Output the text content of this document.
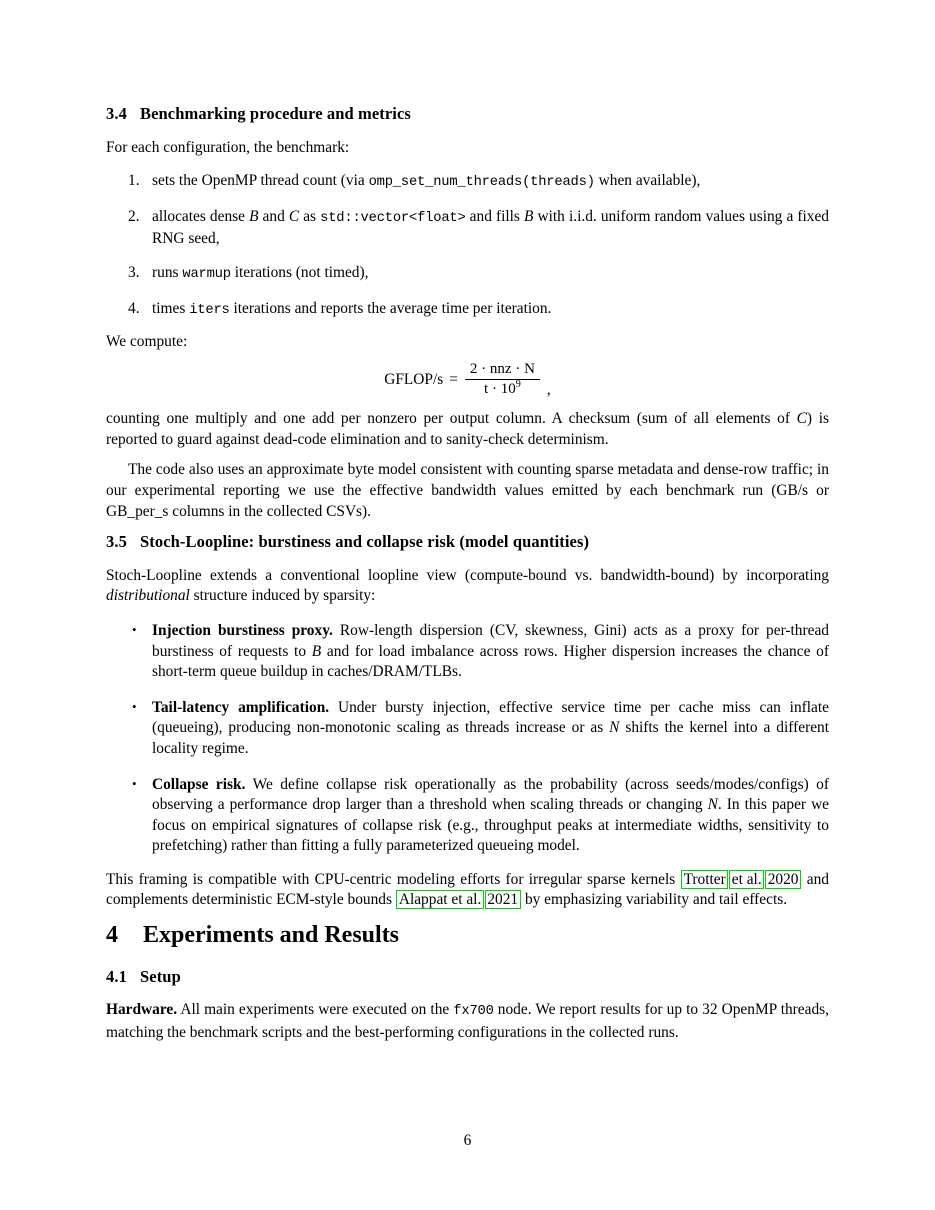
3.4 Benchmarking procedure and metrics

For each configuration, the benchmark:

sets the OpenMP thread count (via omp_set_num_threads(threads) when available),
allocates dense B and C as std::vector<float> and fills B with i.i.d. uniform random values using a fixed RNG seed,
runs warmup iterations (not timed),
times iters iterations and reports the average time per iteration.

We compute:

GFLOP/s = $\frac{\text{2 · nnz · N}}{t \cdot 10^9}$ ,

counting one multiply and one add per nonzero per output column. A checksum (sum of all elements of C) is reported to guard against dead-code elimination and to sanity-check determinism.

The code also uses an approximate byte model consistent with counting sparse metadata and dense-row traffic; in our experimental reporting we use the effective bandwidth values emitted by each benchmark run (GB/s or GB_per_s columns in the collected CSVs).

3.5 Stoch-Loopline: burstiness and collapse risk (model quantities)

Stoch-Loopline extends a conventional loopline view (compute-bound vs. bandwidth-bound) by incorporating distributional structure induced by sparsity:

• Injection burstiness proxy. Row-length dispersion (CV, skewness, Gini) acts as a proxy for per-thread burstiness of requests to B and for load imbalance across rows. Higher dispersion increases the chance of short-term queue buildup in caches/DRAM/TLBs.
• Tail-latency amplification. Under bursty injection, effective service time per cache miss can inflate (queueing), producing non-monotonic scaling as threads increase or as N shifts the kernel into a different locality regime.
• Collapse risk. We define collapse risk operationally as the probability (across seeds/modes/configs) of observing a performance drop larger than a threshold when scaling threads or changing N. In this paper we focus on empirical signatures of collapse risk (e.g., throughput peaks at intermediate widths, sensitivity to prefetching) rather than fitting a fully parameterized queueing model.

This framing is compatible with CPU-centric modeling efforts for irregular sparse kernels Trotter et al. 2020 and complements deterministic ECM-style bounds Alappat et al. 2021 by emphasizing variability and tail effects.

4 Experiments and Results
4.1 Setup

Hardware. All main experiments were executed on the fx700 node. We report results for up to 32 OpenMP threads, matching the benchmark scripts and the best-performing configurations in the collected runs.

6
